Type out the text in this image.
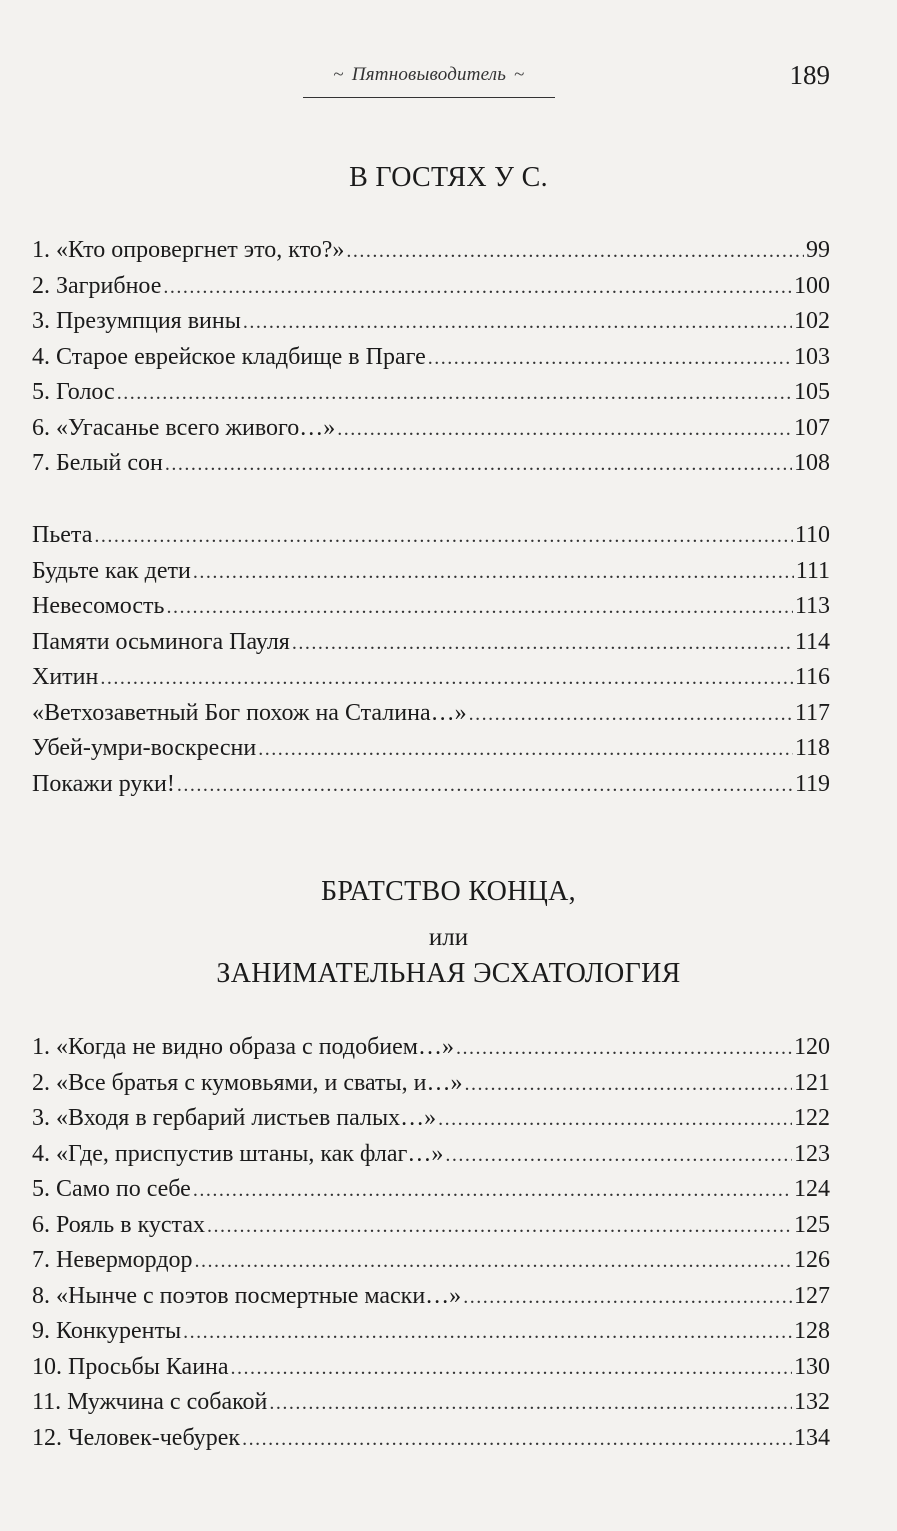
~ Пятновыводитель ~	189
В ГОСТЯХ У С.
1. «Кто опровергнет это, кто?» .....	99
2. Загрибное .....	100
3. Презумпция вины .....	102
4. Старое еврейское кладбище в Праге .....	103
5. Голос .....	105
6. «Угасанье всего живого…» .....	107
7. Белый сон .....	108
Пьета .....	110
Будьте как дети .....	111
Невесомость .....	113
Памяти осьминога Пауля .....	114
Хитин .....	116
«Ветхозаветный Бог похож на Сталина…» .....	117
Убей-умри-воскресни .....	118
Покажи руки! .....	119
БРАТСТВО КОНЦА,
или
ЗАНИМАТЕЛЬНАЯ ЭСХАТОЛОГИЯ
1. «Когда не видно образа с подобием…» .....	120
2. «Все братья с кумовьями, и сваты, и…» .....	121
3. «Входя в гербарий листьев палых…» .....	122
4. «Где, приспустив штаны, как флаг…» .....	123
5. Само по себе .....	124
6. Рояль в кустах .....	125
7. Невермордор .....	126
8. «Нынче с поэтов посмертные маски…» .....	127
9. Конкуренты .....	128
10. Просьбы Каина .....	130
11. Мужчина с собакой .....	132
12. Человек-чебурек .....	134
